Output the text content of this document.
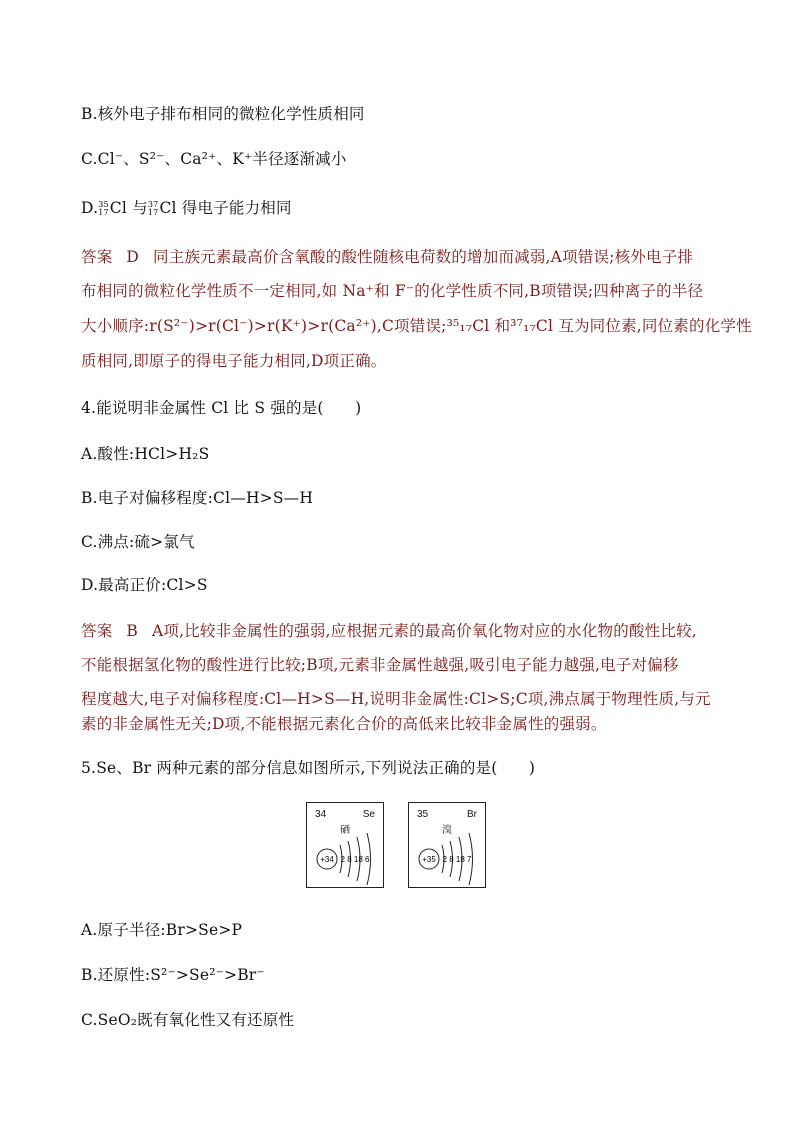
B.核外电子排布相同的微粒化学性质相同
C.Cl⁻、S²⁻、Ca²⁺、K⁺半径逐渐减小
D. 35
17 Cl 与 37
17 Cl 得电子能力相同
答案 D 同主族元素最高价含氧酸的酸性随核电荷数的增加而减弱,A项错误;核外电子排
布相同的微粒化学性质不一定相同,如 Na⁺和 F⁻的化学性质不同,B项错误;四种离子的半径
大小顺序:r(S²⁻)>r(Cl⁻)>r(K⁺)>r(Ca²⁺),C项错误;³⁵₁₇Cl 和³⁷₁₇Cl 互为同位素,同位素的化学性
质相同,即原子的得电子能力相同,D项正确。
4.能说明非金属性 Cl 比 S 强的是(　　)
A.酸性:HCl>H₂S
B.电子对偏移程度:Cl—H>S—H
C.沸点:硫>氯气
D.最高正价:Cl>S
答案 B A项,比较非金属性的强弱,应根据元素的最高价氧化物对应的水化物的酸性比较,
不能根据氢化物的酸性进行比较;B项,元素非金属性越强,吸引电子能力越强,电子对偏移
程度越大,电子对偏移程度:Cl—H>S—H,说明非金属性:Cl>S;C项,沸点属于物理性质,与元
素的非金属性无关;D项,不能根据元素化合价的高低来比较非金属性的强弱。
5.Se、Br 两种元素的部分信息如图所示,下列说法正确的是(　　)
34	Se
硒
+34 2 8 18 6
35	Br
溴
+35 2 8 18 7
A.原子半径:Br>Se>P
B.还原性:S²⁻>Se²⁻>Br⁻
C.SeO₂既有氧化性又有还原性
